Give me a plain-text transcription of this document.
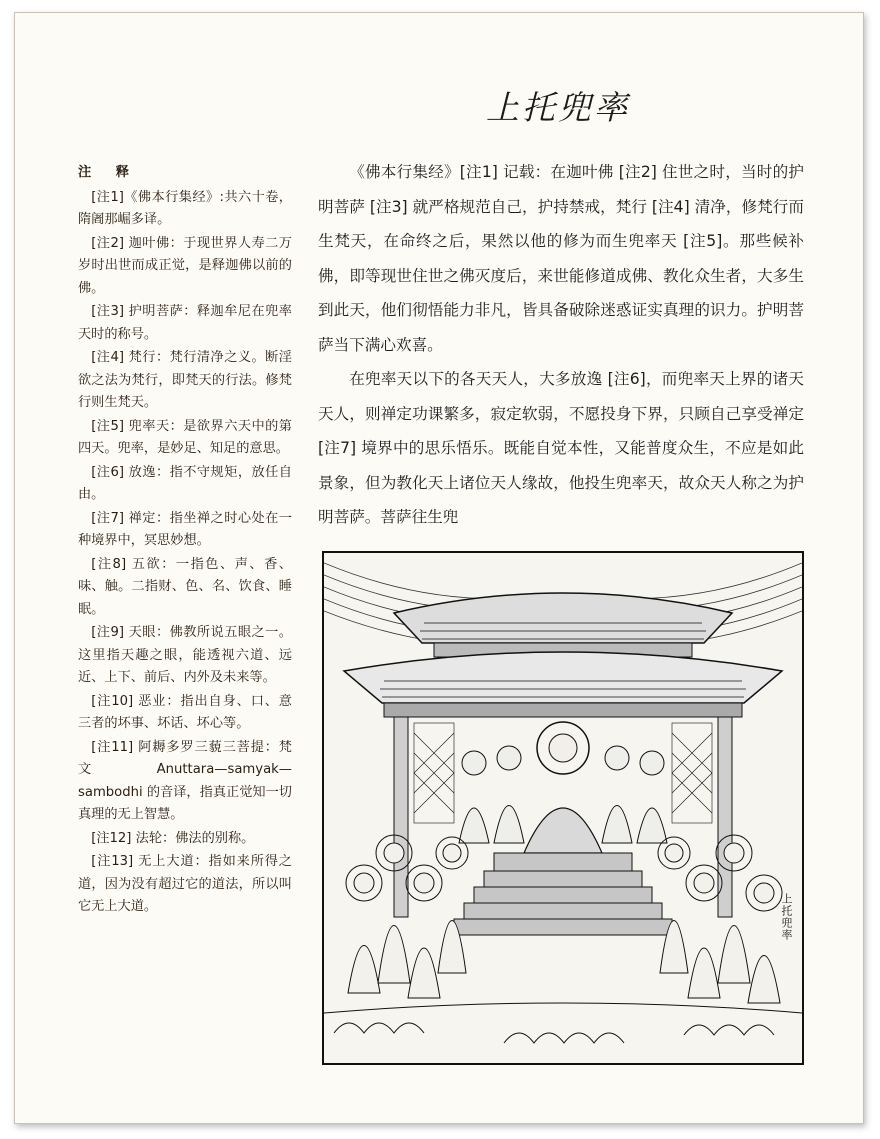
上托兜率
注 释

[注1]《佛本行集经》:共六十卷，隋阇那崛多译。

[注2] 迦叶佛：于现世界人寿二万岁时出世而成正觉，是释迦佛以前的佛。

[注3] 护明菩萨：释迦牟尼在兜率天时的称号。

[注4] 梵行：梵行清净之义。断淫欲之法为梵行，即梵天的行法。修梵行则生梵天。

[注5] 兜率天：是欲界六天中的第四天。兜率，是妙足、知足的意思。

[注6] 放逸：指不守规矩，放任自由。

[注7] 禅定：指坐禅之时心处在一种境界中，冥思妙想。

[注8] 五欲：一指色、声、香、味、触。二指财、色、名、饮食、睡眠。

[注9] 天眼：佛教所说五眼之一。这里指天趣之眼，能透视六道、远近、上下、前后、内外及未来等。

[注10] 恶业：指出自身、口、意三者的坏事、坏话、坏心等。

[注11] 阿耨多罗三藐三菩提：梵文 Anuttara—samyak—sambodhi 的音译，指真正觉知一切真理的无上智慧。

[注12] 法轮：佛法的别称。

[注13] 无上大道：指如来所得之道，因为没有超过它的道法，所以叫它无上大道。

《佛本行集经》[注1] 记载：在迦叶佛 [注2] 住世之时，当时的护明菩萨 [注3] 就严格规范自己，护持禁戒，梵行 [注4] 清净，修梵行而生梵天，在命终之后，果然以他的修为而生兜率天 [注5]。那些候补佛，即等现世住世之佛灭度后，来世能修道成佛、教化众生者，大多生到此天，他们彻悟能力非凡，皆具备破除迷惑证实真理的识力。护明菩萨当下满心欢喜。

在兜率天以下的各天天人，大多放逸 [注6]，而兜率天上界的诸天天人，则禅定功课繁多，寂定软弱，不愿投身下界，只顾自己享受禅定 [注7] 境界中的思乐悟乐。既能自觉本性，又能普度众生，不应是如此景象，但为教化天上诸位天人缘故，他投生兜率天，故众天人称之为护明菩萨。菩萨往生兜

上托兜率
